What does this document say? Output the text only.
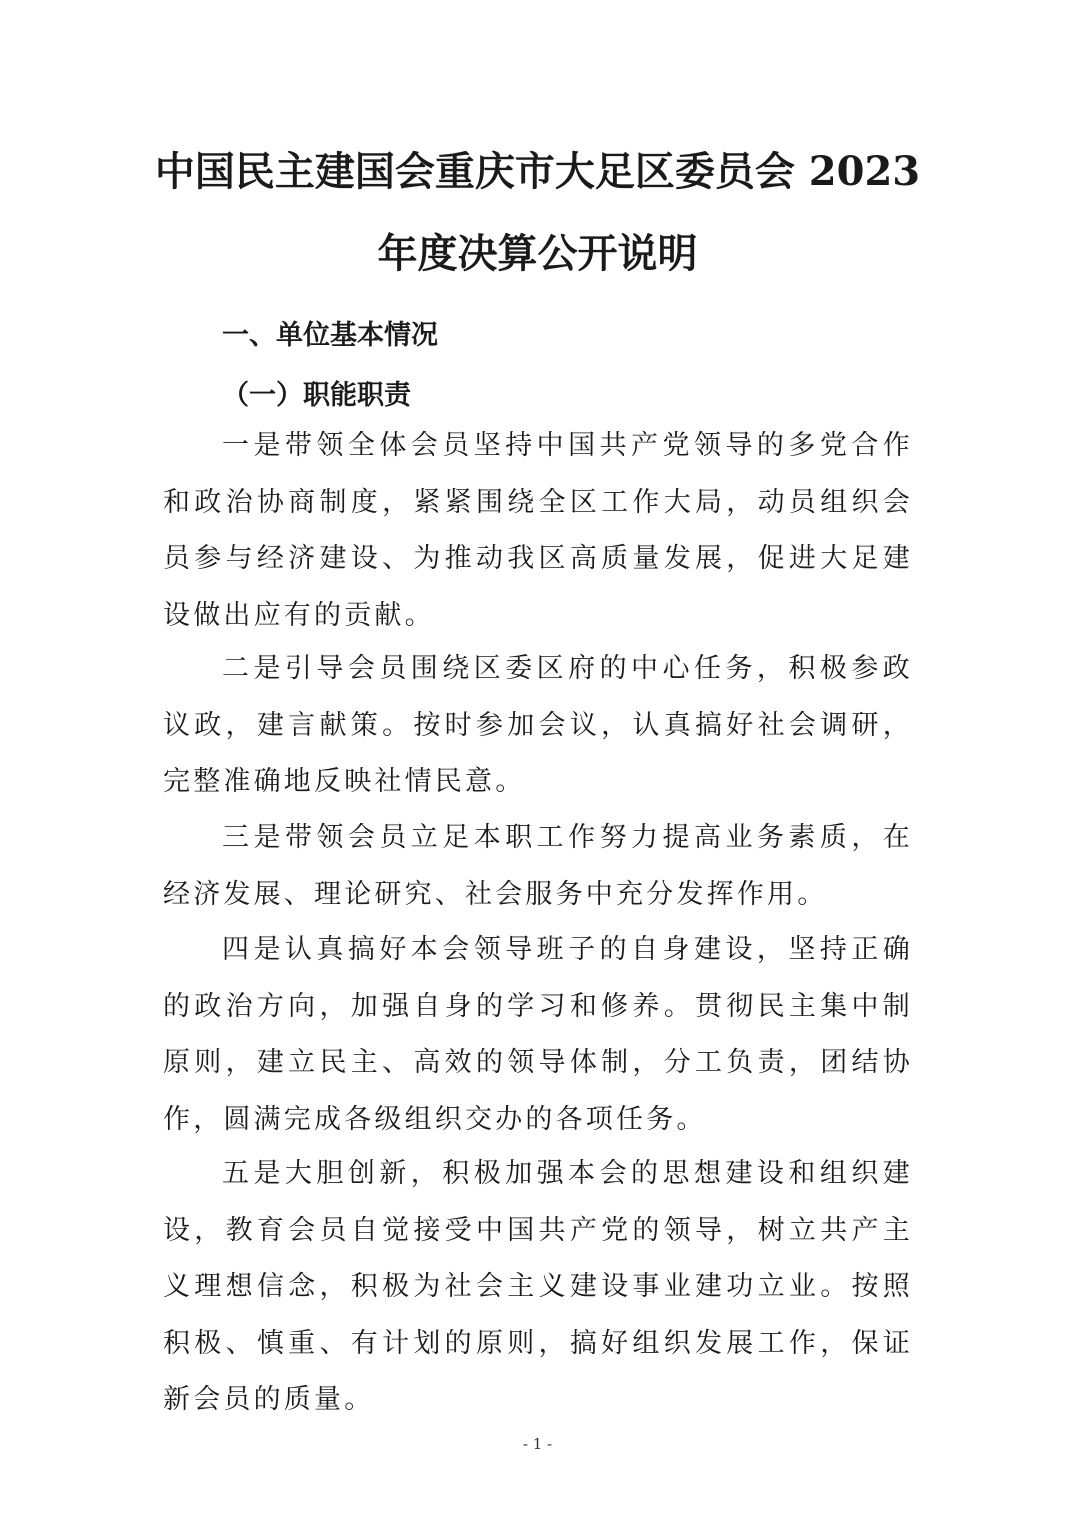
中国民主建国会重庆市大足区委员会 2023
年度决算公开说明
一、单位基本情况
（一）职能职责

一是带领全体会员坚持中国共产党领导的多党合作和政治协商制度，紧紧围绕全区工作大局，动员组织会员参与经济建设、为推动我区高质量发展，促进大足建设做出应有的贡献。

二是引导会员围绕区委区府的中心任务，积极参政议政，建言献策。按时参加会议，认真搞好社会调研，完整准确地反映社情民意。

三是带领会员立足本职工作努力提高业务素质，在经济发展、理论研究、社会服务中充分发挥作用。

四是认真搞好本会领导班子的自身建设，坚持正确的政治方向，加强自身的学习和修养。贯彻民主集中制原则，建立民主、高效的领导体制，分工负责，团结协作，圆满完成各级组织交办的各项任务。

五是大胆创新，积极加强本会的思想建设和组织建设，教育会员自觉接受中国共产党的领导，树立共产主义理想信念，积极为社会主义建设事业建功立业。按照积极、慎重、有计划的原则，搞好组织发展工作，保证新会员的质量。

- 1 -
